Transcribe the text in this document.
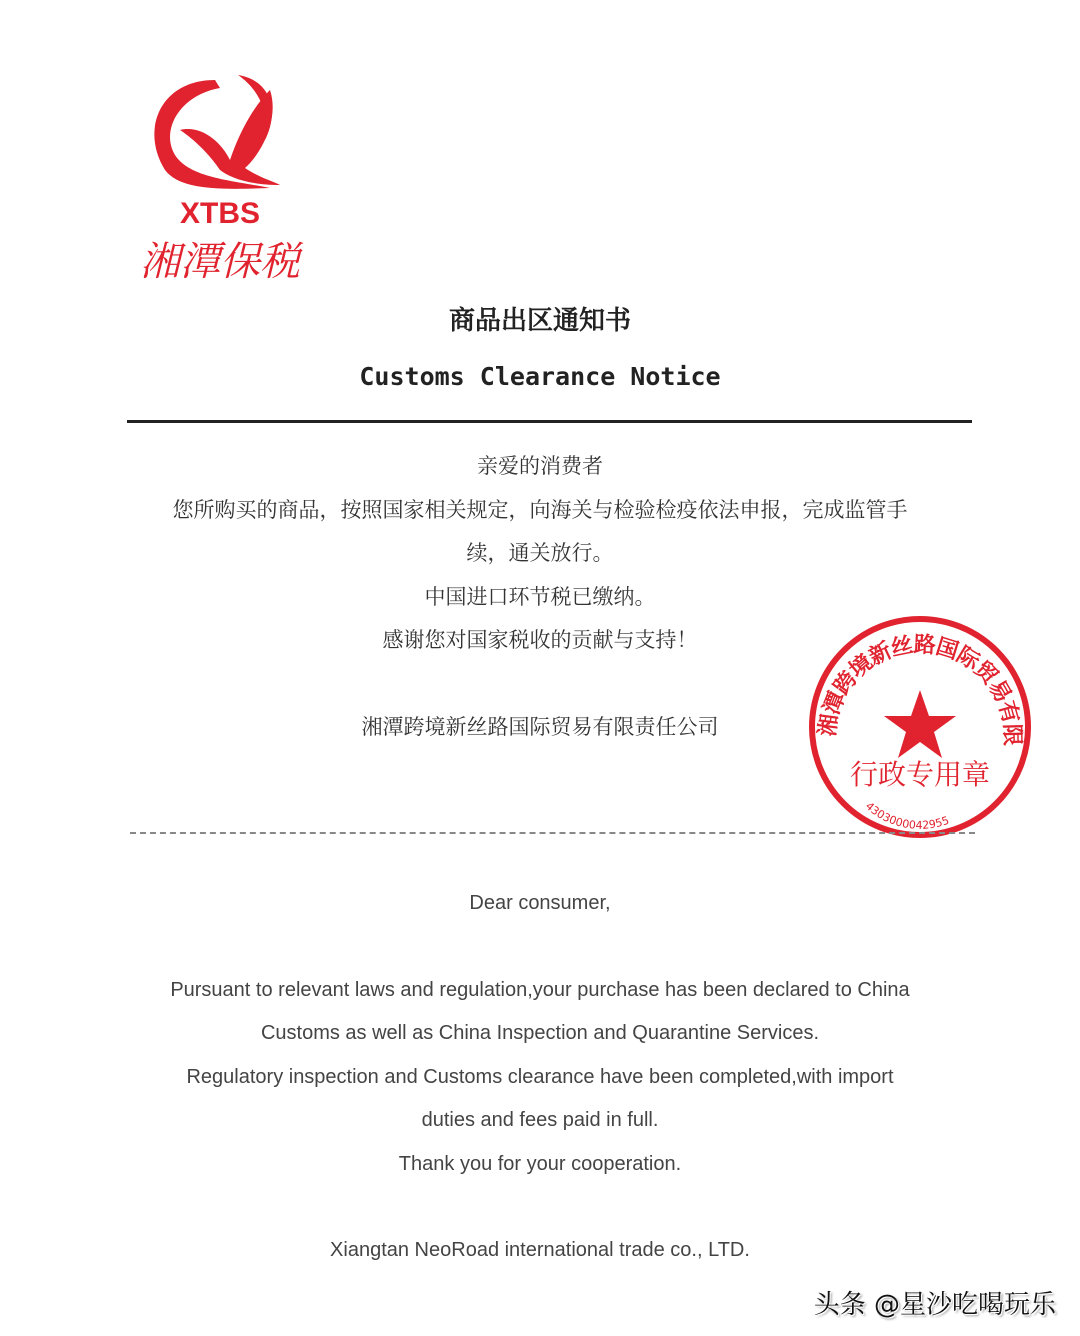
XTBS
湘潭保税
商品出区通知书
Customs Clearance Notice
亲爱的消费者
您所购买的商品，按照国家相关规定，向海关与检验检疫依法申报，完成监管手
续，通关放行。
中国进口环节税已缴纳。
感谢您对国家税收的贡献与支持！
湘潭跨境新丝路国际贸易有限责任公司	湘潭跨境新丝路国际贸易有限
行政专用章
4303000042955
Dear consumer,
Pursuant to relevant laws and regulation,your purchase has been declared to China
Customs as well as China Inspection and Quarantine Services.
Regulatory inspection and Customs clearance have been completed,with import
duties and fees paid in full.
Thank you for your cooperation.
Xiangtan NeoRoad international trade co., LTD.
头条 @星沙吃喝玩乐
